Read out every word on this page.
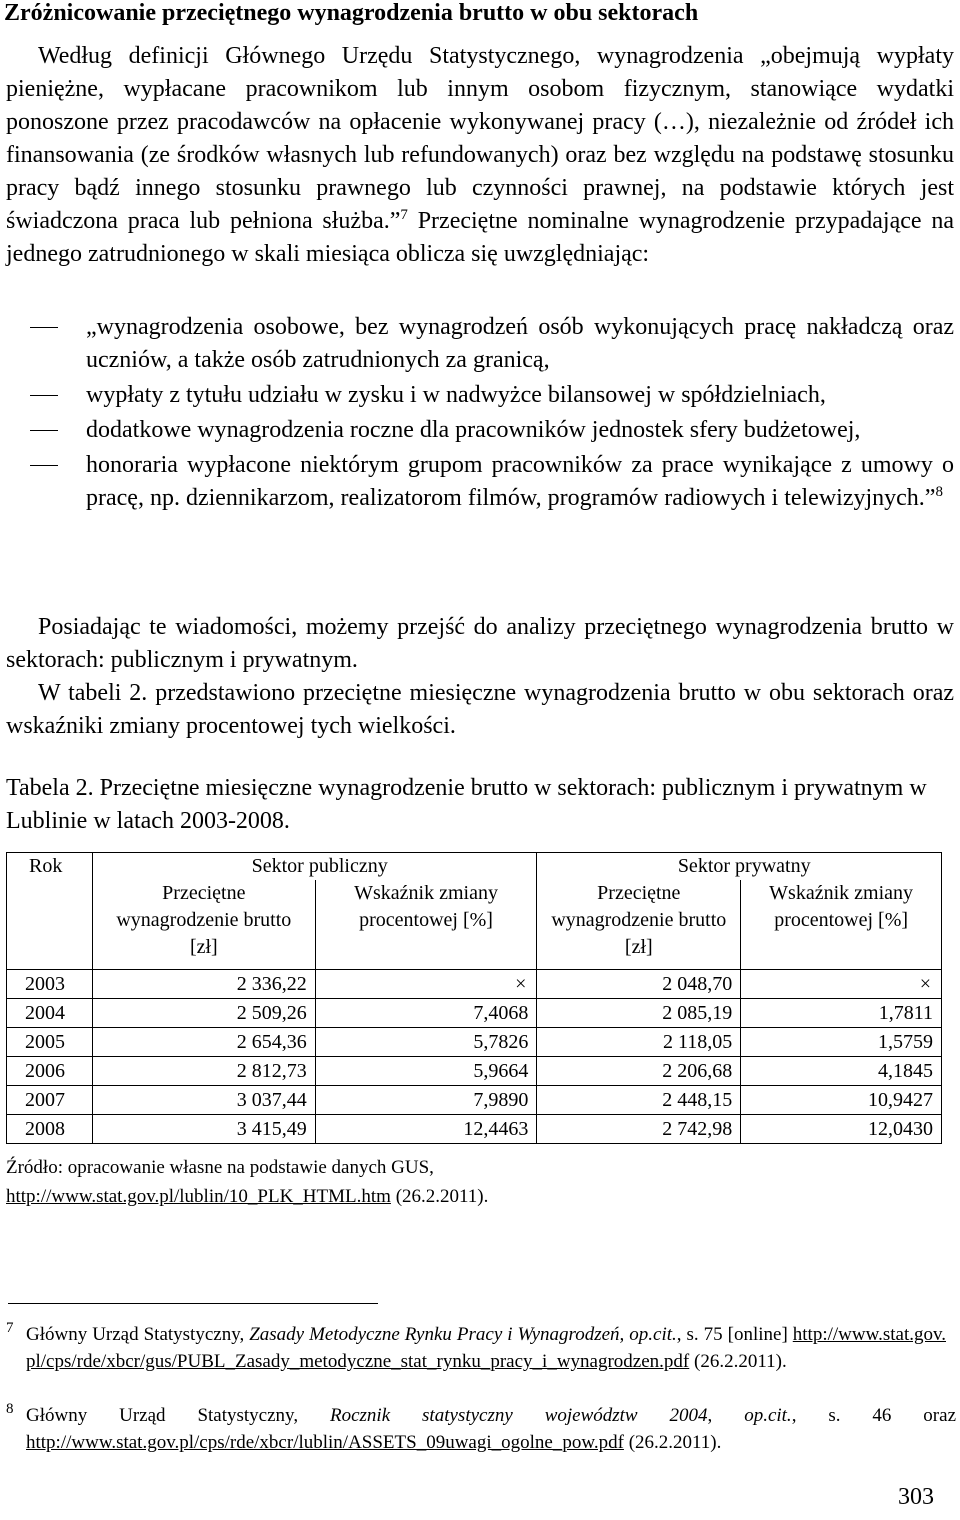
Zróżnicowanie przeciętnego wynagrodzenia brutto w obu sektorach
Według definicji Głównego Urzędu Statystycznego, wynagrodzenia „obejmują wypłaty pieniężne, wypłacane pracownikom lub innym osobom fizycznym, stanowiące wydatki ponoszone przez pracodawców na opłacenie wykonywanej pracy (…), niezależnie od źródeł ich finansowania (ze środków własnych lub refundowanych) oraz bez względu na podstawę stosunku pracy bądź innego stosunku prawnego lub czynności prawnej, na podstawie których jest świadczona praca lub pełniona służba.”$^7$ Przeciętne nominalne wynagrodzenie przypadające na jednego zatrudnionego w skali miesiąca oblicza się uwzględniając:
„wynagrodzenia osobowe, bez wynagrodzeń osób wykonujących pracę nakładczą oraz uczniów, a także osób zatrudnionych za granicą,
wypłaty z tytułu udziału w zysku i w nadwyżce bilansowej w spółdzielniach,
dodatkowe wynagrodzenia roczne dla pracowników jednostek sfery budżetowej,
honoraria wypłacone niektórym grupom pracowników za prace wynikające z umowy o pracę, np. dziennikarzom, realizatorom filmów, programów radiowych i telewizyjnych.”$^8$
Posiadając te wiadomości, możemy przejść do analizy przeciętnego wynagrodzenia brutto w sektorach: publicznym i prywatnym.
W tabeli 2. przedstawiono przeciętne miesięczne wynagrodzenia brutto w obu sektorach oraz wskaźniki zmiany procentowej tych wielkości.
Tabela 2. Przeciętne miesięczne wynagrodzenie brutto w sektorach: publicznym i prywatnym w Lublinie w latach 2003-2008.
Rok	Sektor publiczny		Sektor prywatny	
	Przeciętne wynagrodzenie brutto [zł]	Wskaźnik zmiany procentowej [%]	Przeciętne wynagrodzenie brutto [zł]	Wskaźnik zmiany procentowej [%]
2003	2 336,22	×	2 048,70	×
2004	2 509,26	7,4068	2 085,19	1,7811
2005	2 654,36	5,7826	2 118,05	1,5759
2006	2 812,73	5,9664	2 206,68	4,1845
2007	3 037,44	7,9890	2 448,15	10,9427
2008	3 415,49	12,4463	2 742,98	12,0430
Źródło: opracowanie własne na podstawie danych GUS,
http://www.stat.gov.pl/lublin/10_PLK_HTML.htm (26.2.2011).
7 Główny Urząd Statystyczny, Zasady Metodyczne Rynku Pracy i Wynagrodzeń, op.cit., s. 75 [online] http://www.stat.gov.pl/cps/rde/xbcr/gus/PUBL_Zasady_metodyczne_stat_rynku_pracy_i_wynagrodzen.pdf (26.2.2011).
8 Główny Urząd Statystyczny, Rocznik statystyczny województw 2004, op.cit., s. 46 oraz http://www.stat.gov.pl/cps/rde/xbcr/lublin/ASSETS_09uwagi_ogolne_pow.pdf (26.2.2011).
303
